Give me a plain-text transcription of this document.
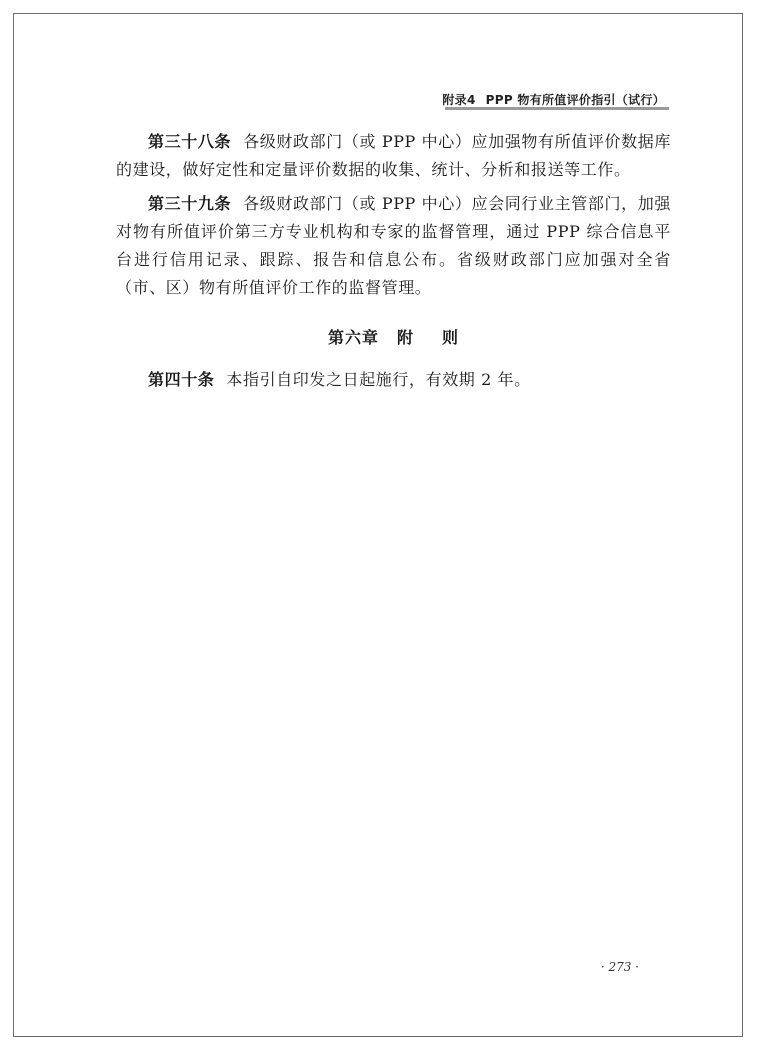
附录4 PPP 物有所值评价指引（试行）

第三十八条 各级财政部门（或 PPP 中心）应加强物有所值评价数据库的建设，做好定性和定量评价数据的收集、统计、分析和报送等工作。

第三十九条 各级财政部门（或 PPP 中心）应会同行业主管部门，加强对物有所值评价第三方专业机构和专家的监督管理，通过 PPP 综合信息平台进行信用记录、跟踪、报告和信息公布。省级财政部门应加强对全省（市、区）物有所值评价工作的监督管理。

第六章 附 则

第四十条 本指引自印发之日起施行，有效期 2 年。

· 273 ·
